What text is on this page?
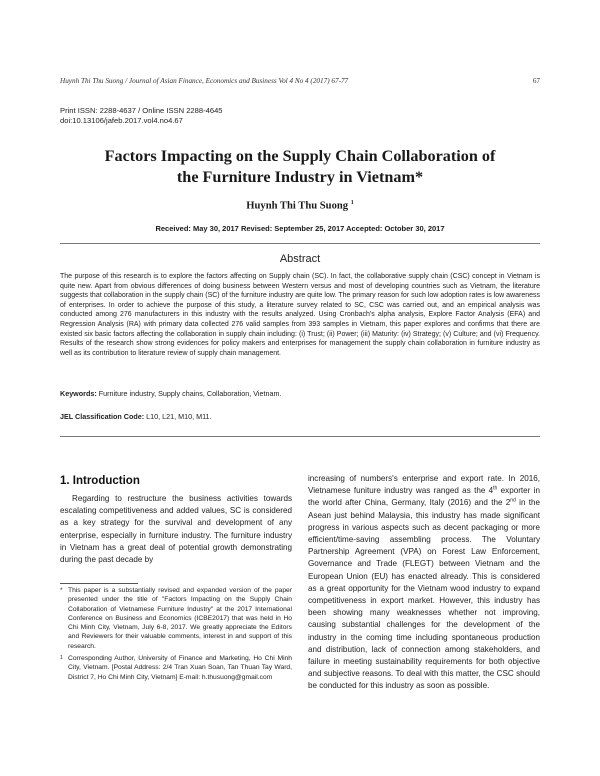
Huynh Thi Thu Suong / Journal of Asian Finance, Economics and Business Vol 4 No 4 (2017) 67-77	67
Print ISSN: 2288-4637 / Online ISSN 2288-4645
doi:10.13106/jafeb.2017.vol4.no4.67
Factors Impacting on the Supply Chain Collaboration of
the Furniture Industry in Vietnam*
Huynh Thi Thu Suong $^1$
Received: May 30, 2017 Revised: September 25, 2017 Accepted: October 30, 2017
Abstract
The purpose of this research is to explore the factors affecting on Supply chain (SC). In fact, the collaborative supply chain (CSC) concept in Vietnam is quite new. Apart from obvious differences of doing business between Western versus and most of developing countries such as Vietnam, the literature suggests that collaboration in the supply chain (SC) of the furniture industry are quite low. The primary reason for such low adoption rates is low awareness of enterprises. In order to achieve the purpose of this study, a literature survey related to SC, CSC was carried out, and an empirical analysis was conducted among 276 manufacturers in this industry with the results analyzed. Using Cronbach's alpha analysis, Explore Factor Analysis (EFA) and Regression Analysis (RA) with primary data collected 276 valid samples from 393 samples in Vietnam, this paper explores and confirms that there are existed six basic factors affecting the collaboration in supply chain including: (i) Trust; (ii) Power; (iii) Maturity: (iv) Strategy; (v) Culture; and (vi) Frequency. Results of the research show strong evidences for policy makers and enterprises for management the supply chain collaboration in furniture industry as well as its contribution to literature review of supply chain management.
Keywords: Furniture industry, Supply chains, Collaboration, Vietnam.
JEL Classification Code: L10, L21, M10, M11.
1. Introduction
Regarding to restructure the business activities towards escalating competitiveness and added values, SC is considered as a key strategy for the survival and development of any enterprise, especially in furniture industry. The furniture industry in Vietnam has a great deal of potential growth demonstrating during the past decade by
increasing of numbers's enterprise and export rate. In 2016, Vietnamese funiture industry was ranged as the 4th exporter in the world after China, Germany, Italy (2016) and the 2nd in the Asean just behind Malaysia, this industry has made significant progress in various aspects such as decent packaging or more efficient/time-saving assembling process. The Voluntary Partnership Agreement (VPA) on Forest Law Enforcement, Governance and Trade (FLEGT) between Vietnam and the European Union (EU) has enacted already. This is considered as a great opportunity for the Vietnam wood industry to expand competitiveness in export market. However, this industry has been showing many weaknesses whether not improving, causing substantial challenges for the development of the industry in the coming time including spontaneous production and distribution, lack of connection among stakeholders, and failure in meeting sustainability requirements for both objective and subjective reasons. To deal with this matter, the CSC should be conducted for this industry as soon as possible.
* This paper is a substantially revised and expanded version of the paper presented under the title of "Factors Impacting on the Supply Chain Collaboration of Vietnamese Furniture Industry" at the 2017 International Conference on Business and Economics (ICBE2017) that was held in Ho Chi Minh City, Vietnam, July 6-8, 2017. We greatly appreciate the Editors and Reviewers for their valuable comments, interest in and support of this research.
1 Corresponding Author, University of Finance and Marketing, Ho Chi Minh City, Vietnam. [Postal Address: 2/4 Tran Xuan Soan, Tan Thuan Tay Ward, District 7, Ho Chi Minh City, Vietnam] E-mail: h.thusuong@gmail.com
